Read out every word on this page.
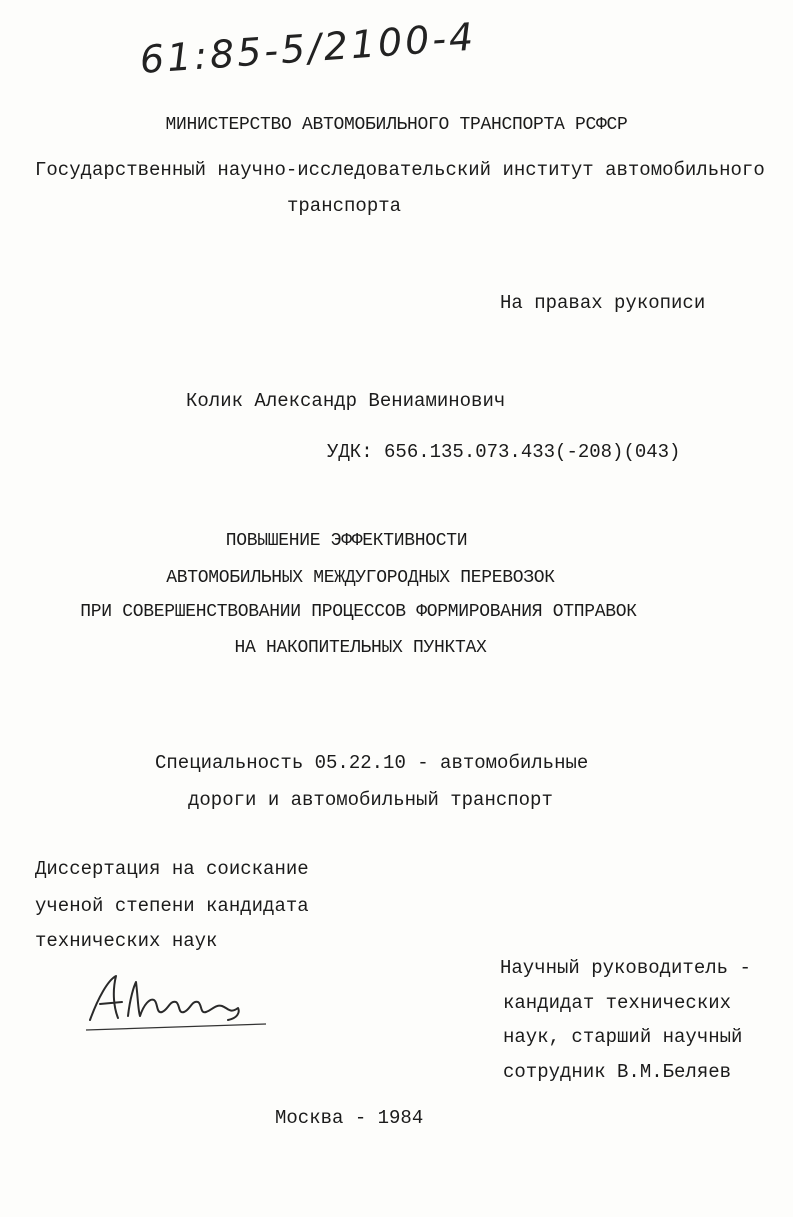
61:85-5/2100-4
МИНИСТЕРСТВО АВТОМОБИЛЬНОГО ТРАНСПОРТА РСФСР
Государственный научно-исследовательский институт автомобильного
транспорта
На правах рукописи
Колик Александр Вениаминович
УДК: 656.135.073.433(-208)(043)
ПОВЫШЕНИЕ ЭФФЕКТИВНОСТИ
АВТОМОБИЛЬНЫХ МЕЖДУГОРОДНЫХ ПЕРЕВОЗОК
ПРИ СОВЕРШЕНСТВОВАНИИ ПРОЦЕССОВ ФОРМИРОВАНИЯ ОТПРАВОК
НА НАКОПИТЕЛЬНЫХ ПУНКТАХ
Специальность 05.22.10 - автомобильные
дороги и автомобильный транспорт
Диссертация на соискание
ученой степени кандидата
технических наук
Научный руководитель -
кандидат технических
наук, старший научный
сотрудник В.М.Беляев
Москва - 1984
